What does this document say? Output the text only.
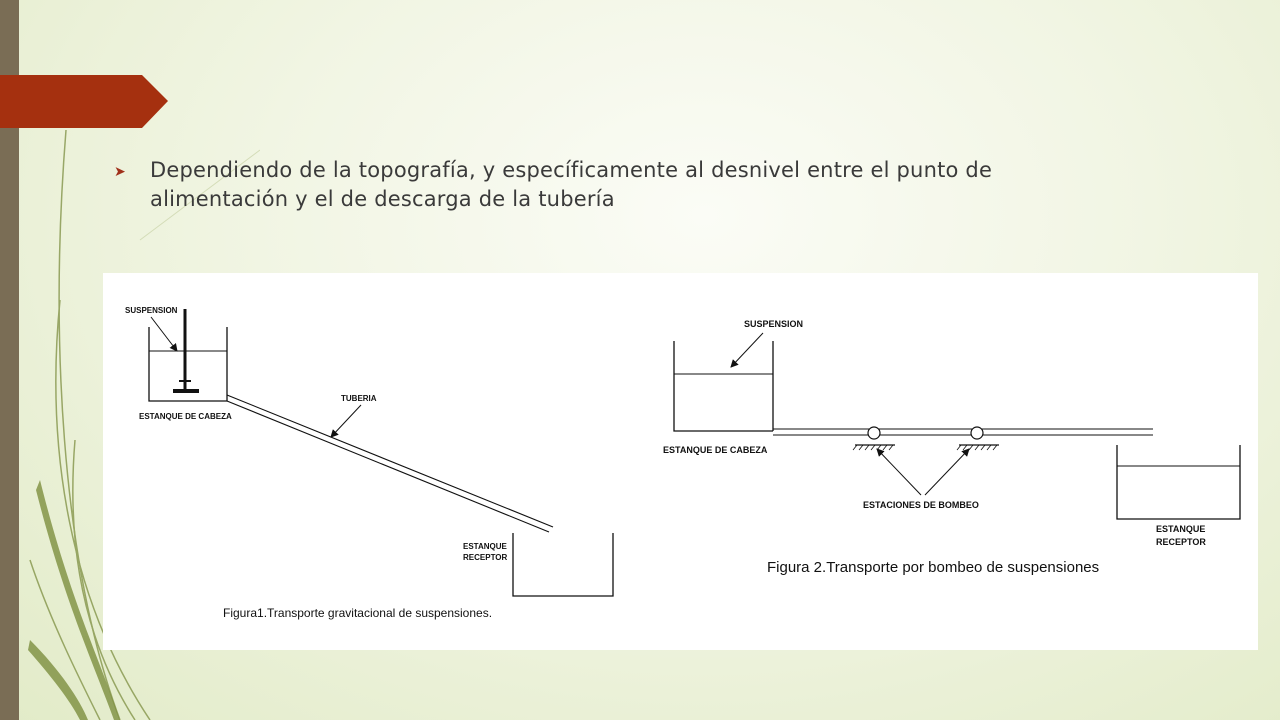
➤ Dependiendo de la topografía, y específicamente al desnivel entre el punto de alimentación y el de descarga de la tubería
SUSPENSION
ESTANQUE DE CABEZA
TUBERIA
ESTANQUE
RECEPTOR
Figura1.Transporte gravitacional de suspensiones.
SUSPENSION
ESTANQUE DE CABEZA
ESTACIONES DE BOMBEO
ESTANQUE
RECEPTOR
Figura 2.Transporte por bombeo de suspensiones
